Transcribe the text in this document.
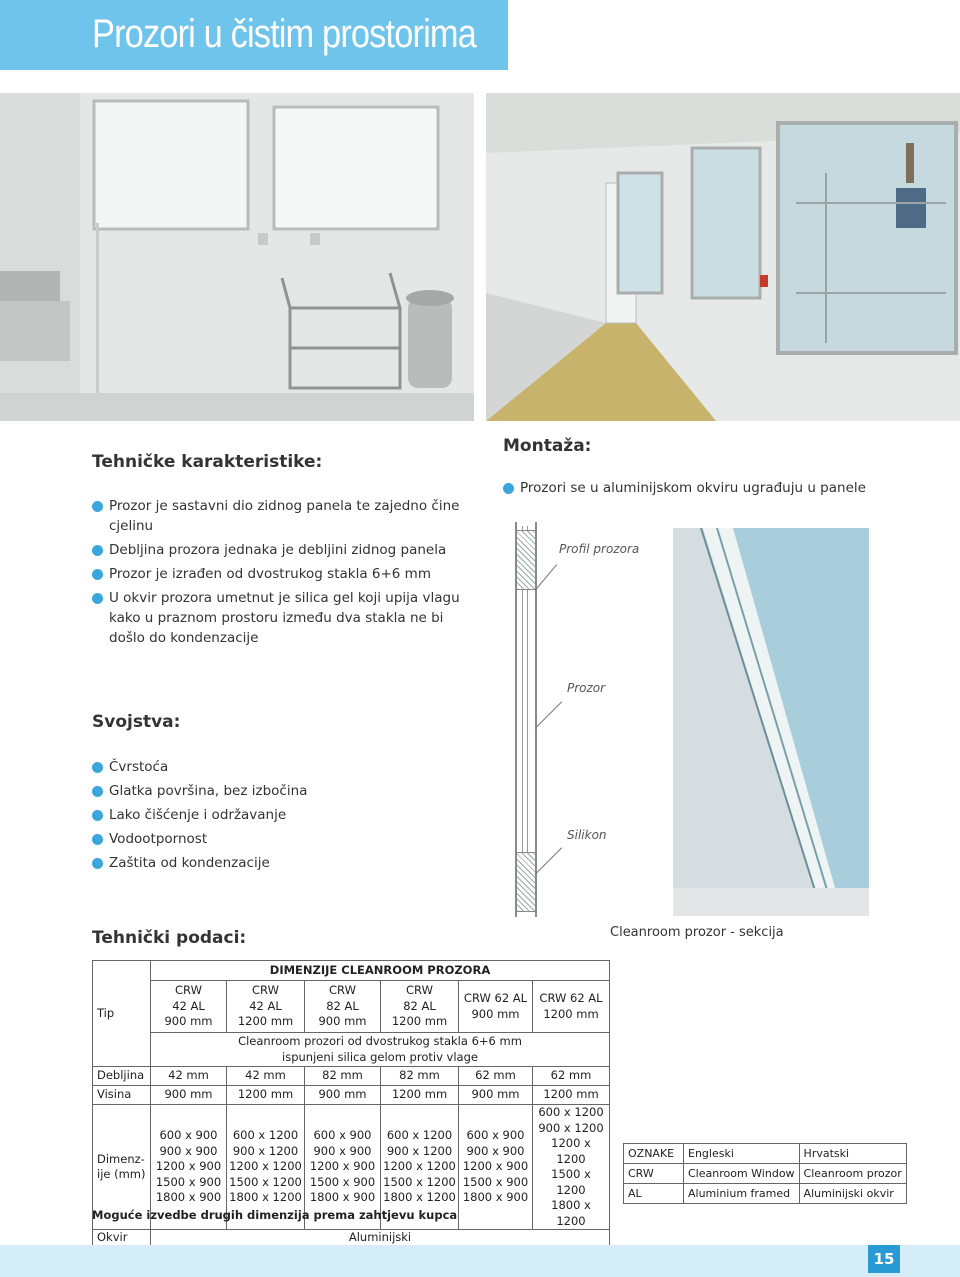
Prozori u čistim prostorima
Tehničke karakteristike:
Prozor je sastavni dio zidnog panela te zajedno čine cjelinu
Debljina prozora jednaka je debljini zidnog panela
Prozor je izrađen od dvostrukog stakla 6+6 mm
U okvir prozora umetnut je silica gel koji upija vlagu kako u praznom prostoru između dva stakla ne bi došlo do kondenzacije
Montaža:
Prozori se u aluminijskom okviru ugrađuju u panele
Svojstva:
Čvrstoća
Glatka površina, bez izbočina
Lako čišćenje i održavanje
Vodootpornost
Zaštita od kondenzacije
Profil prozora
Prozor
Silikon
Cleanroom prozor - sekcija
Tehnički podaci:
Tip	DIMENZIJE CLEANROOM PROZORA					
	CRW
42 AL
900 mm	CRW
42 AL
1200 mm	CRW
82 AL
900 mm	CRW
82 AL
1200 mm	CRW 62 AL
900 mm	CRW 62 AL
1200 mm
	Cleanroom prozori od dvostrukog stakla 6+6 mm
ispunjeni silica gelom protiv vlage					
Debljina	42 mm	42 mm	82 mm	82 mm	62 mm	62 mm
Visina	900 mm	1200 mm	900 mm	1200 mm	900 mm	1200 mm
Dimenz-
ije (mm)	600 x 900
900 x 900
1200 x 900
1500 x 900
1800 x 900	600 x 1200
900 x 1200
1200 x 1200
1500 x 1200
1800 x 1200	600 x 900
900 x 900
1200 x 900
1500 x 900
1800 x 900	600 x 1200
900 x 1200
1200 x 1200
1500 x 1200
1800 x 1200	600 x 900
900 x 900
1200 x 900
1500 x 900
1800 x 900	600 x 1200
900 x 1200
1200 x 1200
1500 x 1200
1800 x 1200
Okvir	Aluminijski					
Moguće izvedbe drugih dimenzija prema zahtjevu kupca
OZNAKE	Engleski	Hrvatski
CRW	Cleanroom Window	Cleanroom prozor
AL	Aluminium framed	Aluminijski okvir
15
